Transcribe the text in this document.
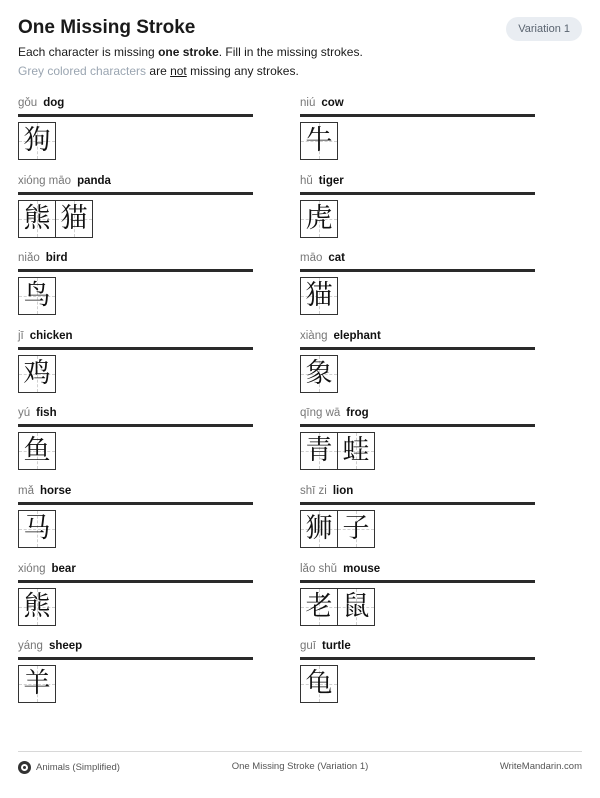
One Missing Stroke	Variation 1
Each character is missing one stroke. Fill in the missing strokes.
Grey colored characters are not missing any strokes.
gǒu dog
狗
xióng māo panda
熊 猫
niǎo bird
鸟
jī chicken
鸡
yú fish
鱼
mǎ horse
马
xióng bear
熊
yáng sheep
羊
niú cow
牛
hǔ tiger
虎
māo cat
猫
xiàng elephant
象
qīng wā frog
青 蛙
shī zi lion
狮 子
lǎo shǔ mouse
老 鼠
guī turtle
龟
Animals (Simplified)	One Missing Stroke (Variation 1)	WriteMandarin.com
